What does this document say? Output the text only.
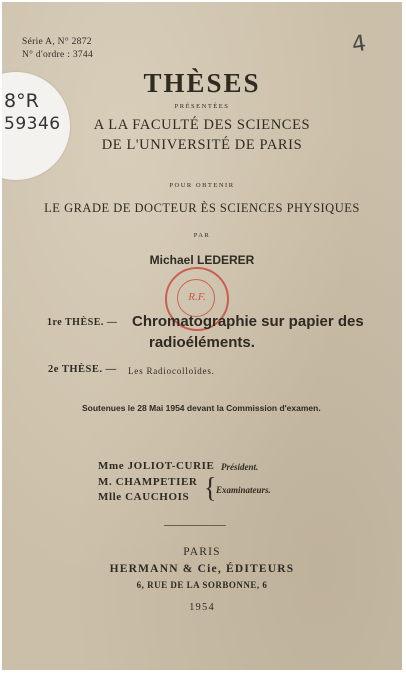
Série A, N° 2872
N° d'ordre : 3744	4
8°R
59346
THÈSES
PRÉSENTÉES
A LA FACULTÉ DES SCIENCES
DE L'UNIVERSITÉ DE PARIS
POUR OBTENIR
LE GRADE DE DOCTEUR ÈS SCIENCES PHYSIQUES
PAR
Michael LEDERER
R.F.
1re THÈSE. — Chromatographie sur papier des
radioéléments.
2e THÈSE. — Les Radiocolloïdes.
Soutenues le 28 Mai 1954 devant la Commission d'examen.
Mme JOLIOT-CURIE Président.
M. CHAMPETIER
Mlle CAUCHOIS { Examinateurs.
PARIS
HERMANN & Cie, ÉDITEURS
6, RUE DE LA SORBONNE, 6
1954
